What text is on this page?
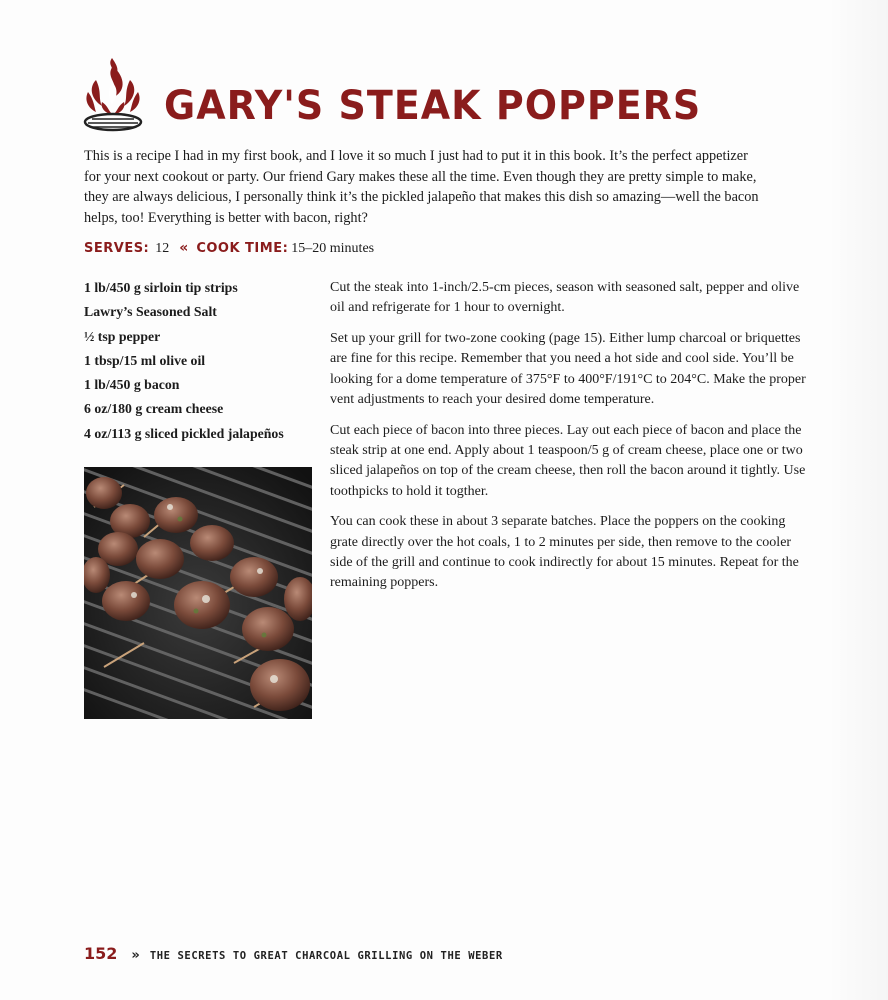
GARY'S STEAK POPPERS
This is a recipe I had in my first book, and I love it so much I just had to put it in this book. It’s the perfect appetizer for your next cookout or party. Our friend Gary makes these all the time. Even though they are pretty simple to make, they are always delicious, I personally think it’s the pickled jalapeño that makes this dish so amazing—well the bacon helps, too! Everything is better with bacon, right?
SERVES: 12 « COOK TIME: 15–20 minutes
1 lb/450 g sirloin tip strips
Lawry’s Seasoned Salt
½ tsp pepper
1 tbsp/15 ml olive oil
1 lb/450 g bacon
6 oz/180 g cream cheese
4 oz/113 g sliced pickled jalapeños

Cut the steak into 1-inch/2.5-cm pieces, season with seasoned salt, pepper and olive oil and refrigerate for 1 hour to overnight.

Set up your grill for two-zone cooking (page 15). Either lump charcoal or briquettes are fine for this recipe. Remember that you need a hot side and cool side. You’ll be looking for a dome temperature of 375°F to 400°F/191°C to 204°C. Make the proper vent adjustments to reach your desired dome temperature.

Cut each piece of bacon into three pieces. Lay out each piece of bacon and place the steak strip at one end. Apply about 1 teaspoon/5 g of cream cheese, place one or two sliced jalapeños on top of the cream cheese, then roll the bacon around it tightly. Use toothpicks to hold it togther.

You can cook these in about 3 separate batches. Place the poppers on the cooking grate directly over the hot coals, 1 to 2 minutes per side, then remove to the cooler side of the grill and continue to cook indirectly for about 15 minutes. Repeat for the remaining poppers.

152 » THE SECRETS TO GREAT CHARCOAL GRILLING ON THE WEBER
